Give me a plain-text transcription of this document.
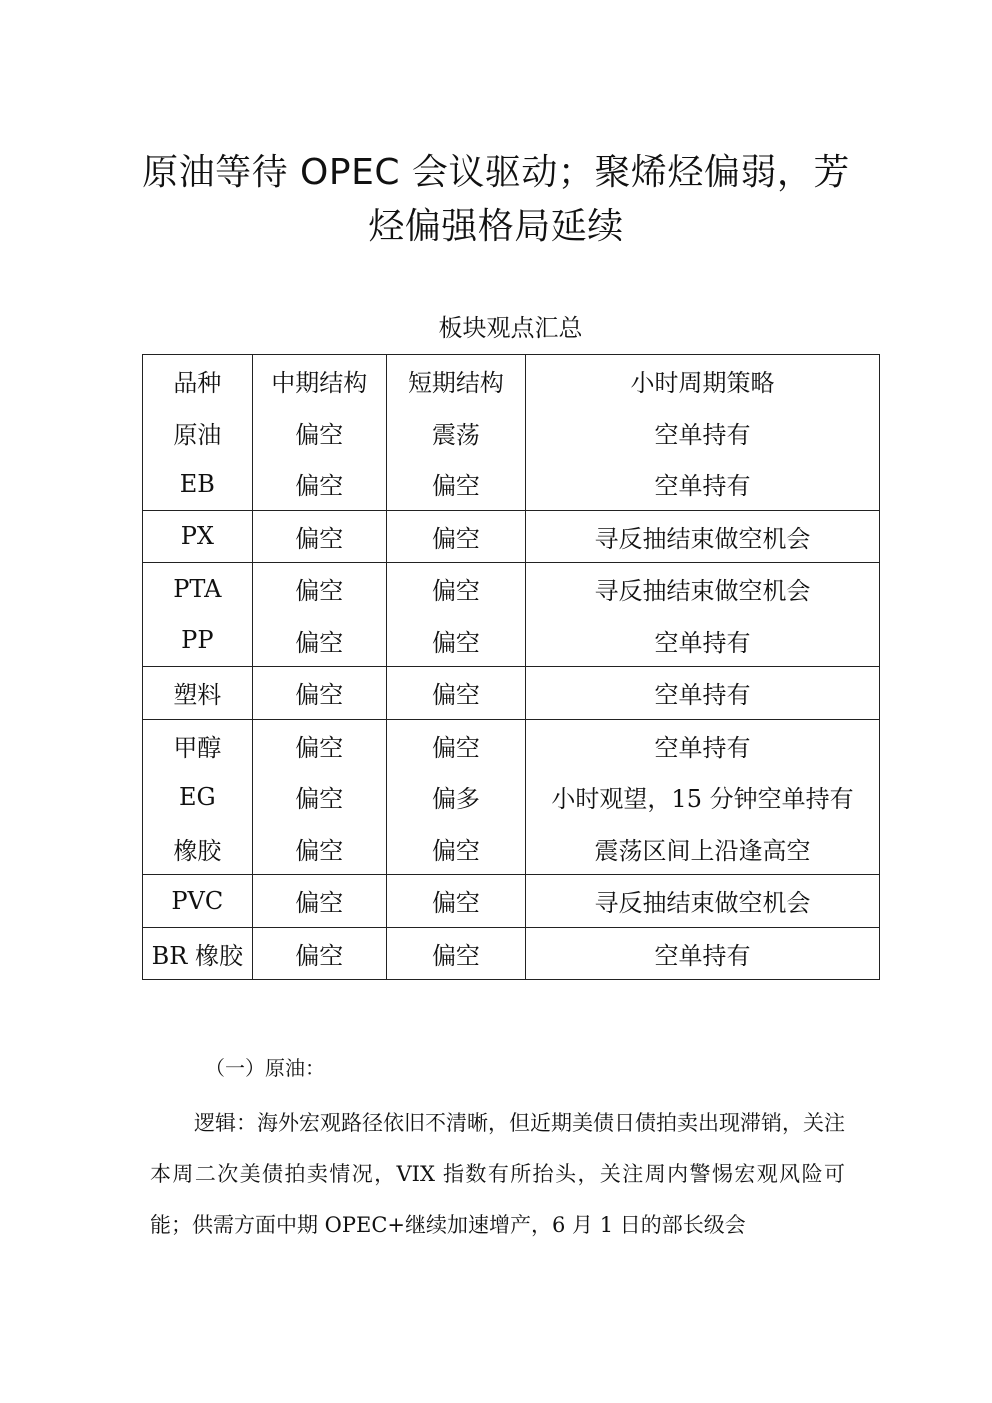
原油等待 OPEC 会议驱动；聚烯烃偏弱，芳
烃偏强格局延续

板块观点汇总

品种	中期结构	短期结构	小时周期策略
原油	偏空	震荡	空单持有
EB	偏空	偏空	空单持有
PX	偏空	偏空	寻反抽结束做空机会
PTA	偏空	偏空	寻反抽结束做空机会
PP	偏空	偏空	空单持有
塑料	偏空	偏空	空单持有
甲醇	偏空	偏空	空单持有
EG	偏空	偏多	小时观望，15 分钟空单持有
橡胶	偏空	偏空	震荡区间上沿逢高空
PVC	偏空	偏空	寻反抽结束做空机会
BR 橡胶	偏空	偏空	空单持有

（一）原油：

逻辑：海外宏观路径依旧不清晰，但近期美债日债拍卖出现滞销，关注本周二次美债拍卖情况，VIX 指数有所抬头，关注周内警惕宏观风险可能；供需方面中期 OPEC+继续加速增产，6 月 1 日的部长级会
